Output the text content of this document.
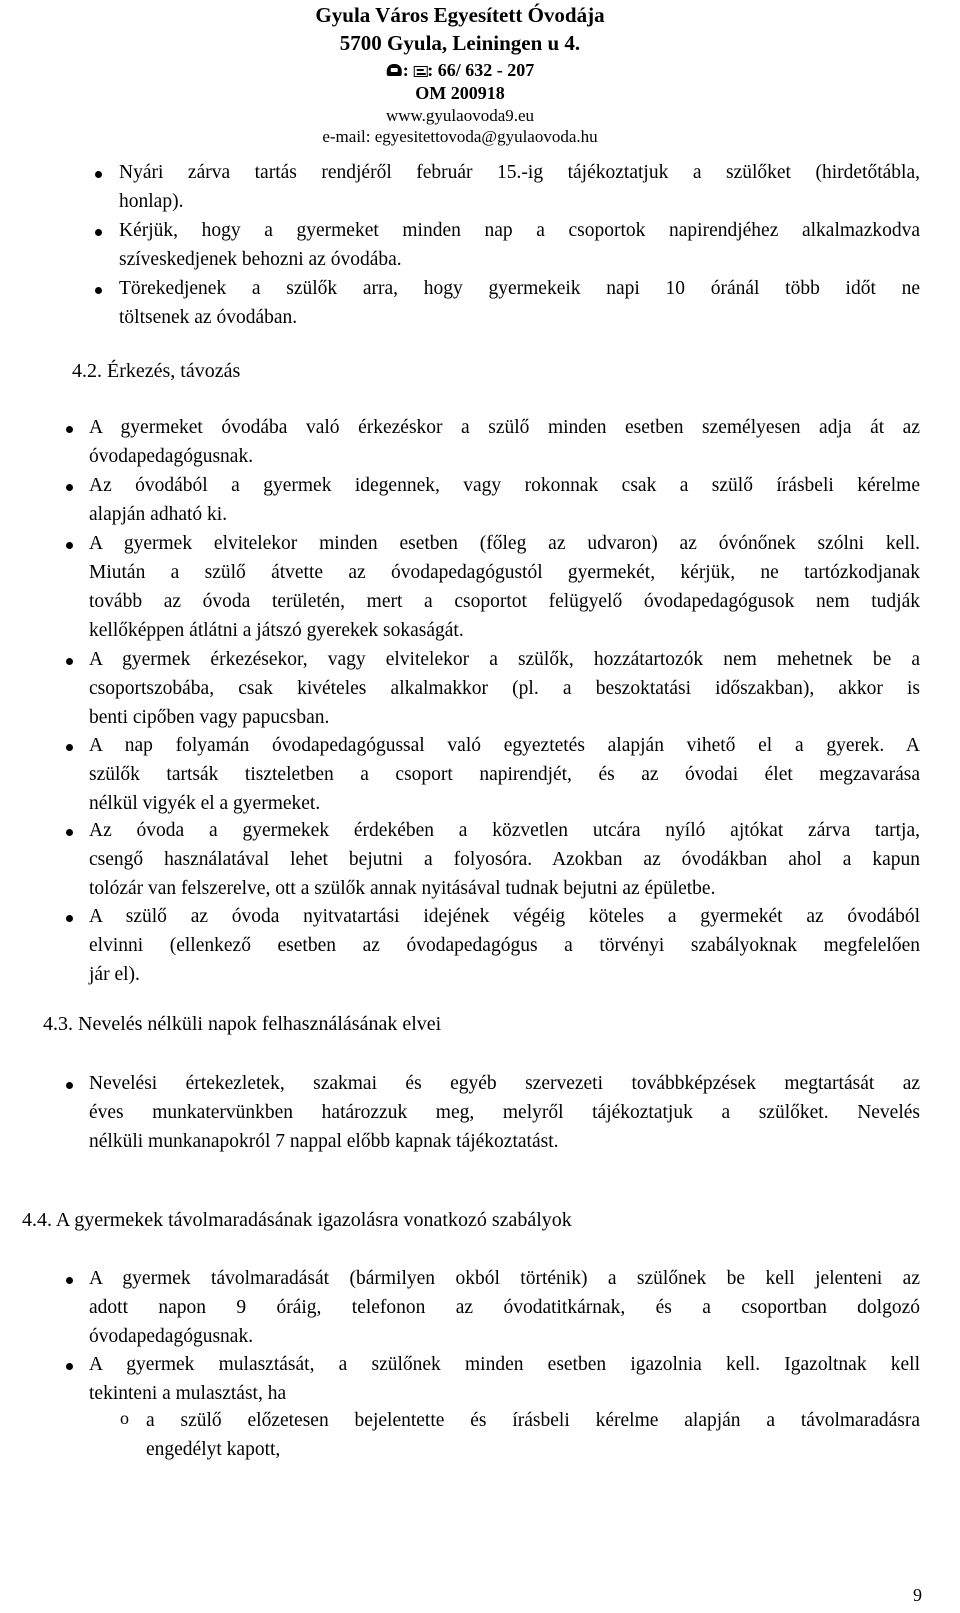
Gyula Város Egyesített Óvodája
5700 Gyula, Leiningen u 4.
: : 66/ 632 - 207
OM 200918
www.gyulaovoda9.eu
e-mail: egyesitettovoda@gyulaovoda.hu
Nyári zárva tartás rendjéről február 15.-ig tájékoztatjuk a szülőket (hirdetőtábla,
honlap).
Kérjük, hogy a gyermeket minden nap a csoportok napirendjéhez alkalmazkodva
szíveskedjenek behozni az óvodába.
Törekedjenek a szülők arra, hogy gyermekeik napi 10 óránál több időt ne
töltsenek az óvodában.
4.2. Érkezés, távozás
A gyermeket óvodába való érkezéskor a szülő minden esetben személyesen adja át az
óvodapedagógusnak.
Az óvodából a gyermek idegennek, vagy rokonnak csak a szülő írásbeli kérelme
alapján adható ki.
A gyermek elvitelekor minden esetben (főleg az udvaron) az óvónőnek szólni kell.
Miután a szülő átvette az óvodapedagógustól gyermekét, kérjük, ne tartózkodjanak
tovább az óvoda területén, mert a csoportot felügyelő óvodapedagógusok nem tudják
kellőképpen átlátni a játszó gyerekek sokaságát.
A gyermek érkezésekor, vagy elvitelekor a szülők, hozzátartozók nem mehetnek be a
csoportszobába, csak kivételes alkalmakkor (pl. a beszoktatási időszakban), akkor is
benti cipőben vagy papucsban.
A nap folyamán óvodapedagógussal való egyeztetés alapján vihető el a gyerek. A
szülők tartsák tiszteletben a csoport napirendjét, és az óvodai élet megzavarása
nélkül vigyék el a gyermeket.
Az óvoda a gyermekek érdekében a közvetlen utcára nyíló ajtókat zárva tartja,
csengő használatával lehet bejutni a folyosóra. Azokban az óvodákban ahol a kapun
tolózár van felszerelve, ott a szülők annak nyitásával tudnak bejutni az épületbe.
A szülő az óvoda nyitvatartási idejének végéig köteles a gyermekét az óvodából
elvinni (ellenkező esetben az óvodapedagógus a törvényi szabályoknak megfelelően
jár el).
4.3. Nevelés nélküli napok felhasználásának elvei
Nevelési értekezletek, szakmai és egyéb szervezeti továbbképzések megtartását az
éves munkatervünkben határozzuk meg, melyről tájékoztatjuk a szülőket. Nevelés
nélküli munkanapokról 7 nappal előbb kapnak tájékoztatást.
4.4. A gyermekek távolmaradásának igazolásra vonatkozó szabályok
A gyermek távolmaradását (bármilyen okból történik) a szülőnek be kell jelenteni az
adott napon 9 óráig, telefonon az óvodatitkárnak, és a csoportban dolgozó
óvodapedagógusnak.
A gyermek mulasztását, a szülőnek minden esetben igazolnia kell. Igazoltnak kell
tekinteni a mulasztást, ha
o a szülő előzetesen bejelentette és írásbeli kérelme alapján a távolmaradásra
engedélyt kapott,
9
